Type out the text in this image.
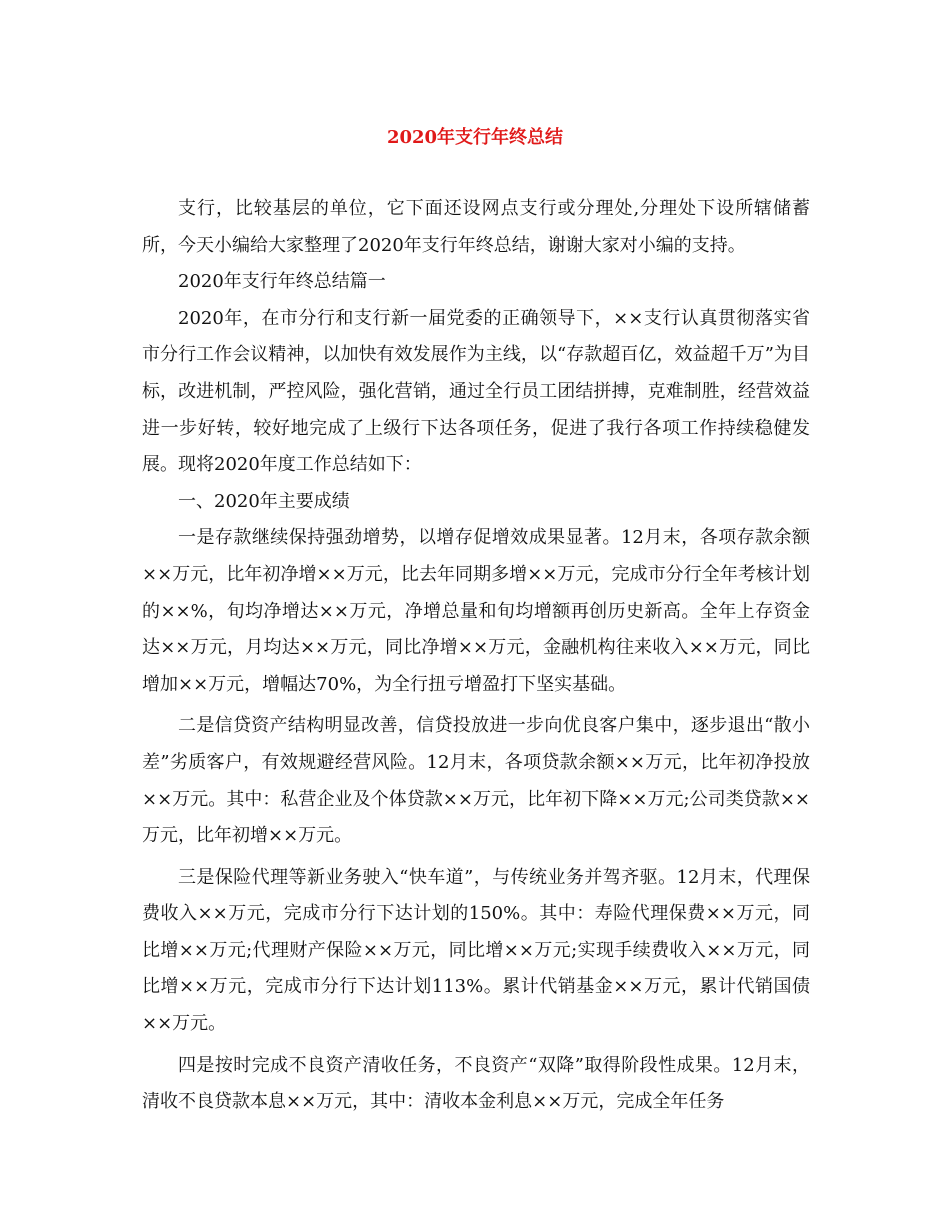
2020年支行年终总结

支行，比较基层的单位，它下面还设网点支行或分理处,分理处下设所辖储蓄所，今天小编给大家整理了2020年支行年终总结，谢谢大家对小编的支持。

2020年支行年终总结篇一

2020年，在市分行和支行新一届党委的正确领导下，××支行认真贯彻落实省市分行工作会议精神，以加快有效发展作为主线，以“存款超百亿，效益超千万”为目标，改进机制，严控风险，强化营销，通过全行员工团结拼搏，克难制胜，经营效益进一步好转，较好地完成了上级行下达各项任务，促进了我行各项工作持续稳健发展。现将2020年度工作总结如下：

一、2020年主要成绩

一是存款继续保持强劲增势，以增存促增效成果显著。12月末，各项存款余额××万元，比年初净增××万元，比去年同期多增××万元，完成市分行全年考核计划的××%，旬均净增达××万元，净增总量和旬均增额再创历史新高。全年上存资金达××万元，月均达××万元，同比净增××万元，金融机构往来收入××万元，同比增加××万元，增幅达70%，为全行扭亏增盈打下坚实基础。

二是信贷资产结构明显改善，信贷投放进一步向优良客户集中，逐步退出“散小差”劣质客户，有效规避经营风险。12月末，各项贷款余额××万元，比年初净投放××万元。其中：私营企业及个体贷款××万元，比年初下降××万元;公司类贷款××万元，比年初增××万元。

三是保险代理等新业务驶入“快车道”，与传统业务并驾齐驱。12月末，代理保费收入××万元，完成市分行下达计划的150%。其中：寿险代理保费××万元，同比增××万元;代理财产保险××万元，同比增××万元;实现手续费收入××万元，同比增××万元，完成市分行下达计划113%。累计代销基金××万元，累计代销国债××万元。

四是按时完成不良资产清收任务，不良资产“双降”取得阶段性成果。12月末，清收不良贷款本息××万元，其中：清收本金利息××万元，完成全年任务
